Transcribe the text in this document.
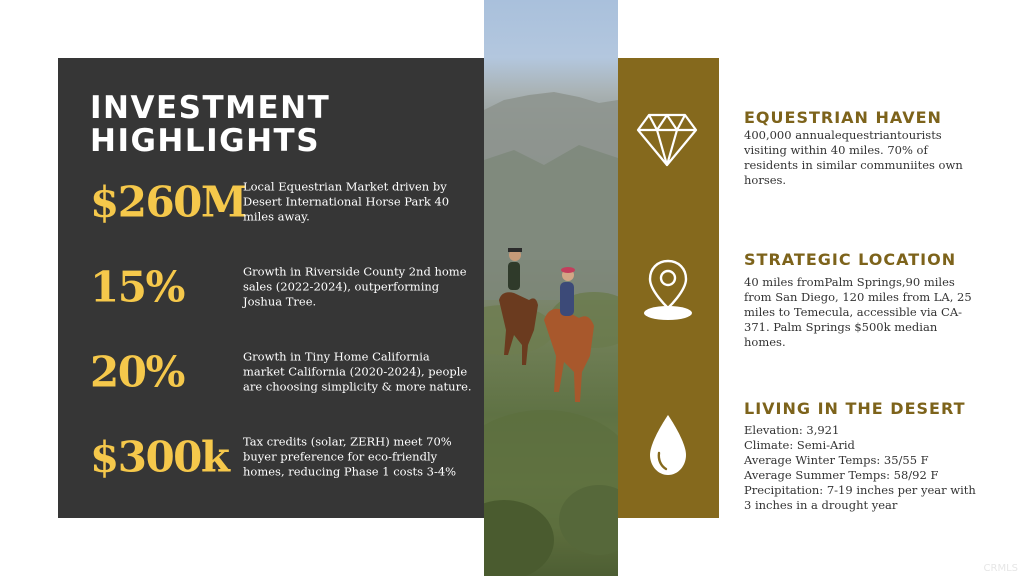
INVESTMENT HIGHLIGHTS
$260M
Local Equestrian Market driven by Desert International Horse Park 40 miles away.
15%	Growth in Riverside County 2nd home sales (2022-2024), outperforming Joshua Tree.
20%	Growth in Tiny Home California market California (2020-2024), people are choosing simplicity & more nature.
$300k Tax credits (solar, ZERH) meet 70% buyer preference for eco-friendly homes, reducing Phase 1 costs 3-4%
EQUESTRIAN HAVEN
400,000 annualequestriantourists visiting within 40 miles. 70% of residents in similar communiites own horses.
STRATEGIC LOCATION
40 miles fromPalm Springs,90 miles from San Diego, 120 miles from LA, 25 miles to Temecula, accessible via CA-371. Palm Springs $500k median homes.
LIVING IN THE DESERT
Elevation: 3,921
Climate: Semi-Arid
Average Winter Temps: 35/55 F
Average Summer Temps: 58/92 F
Precipitation: 7-19 inches per year with 3 inches in a drought year
CRMLS
